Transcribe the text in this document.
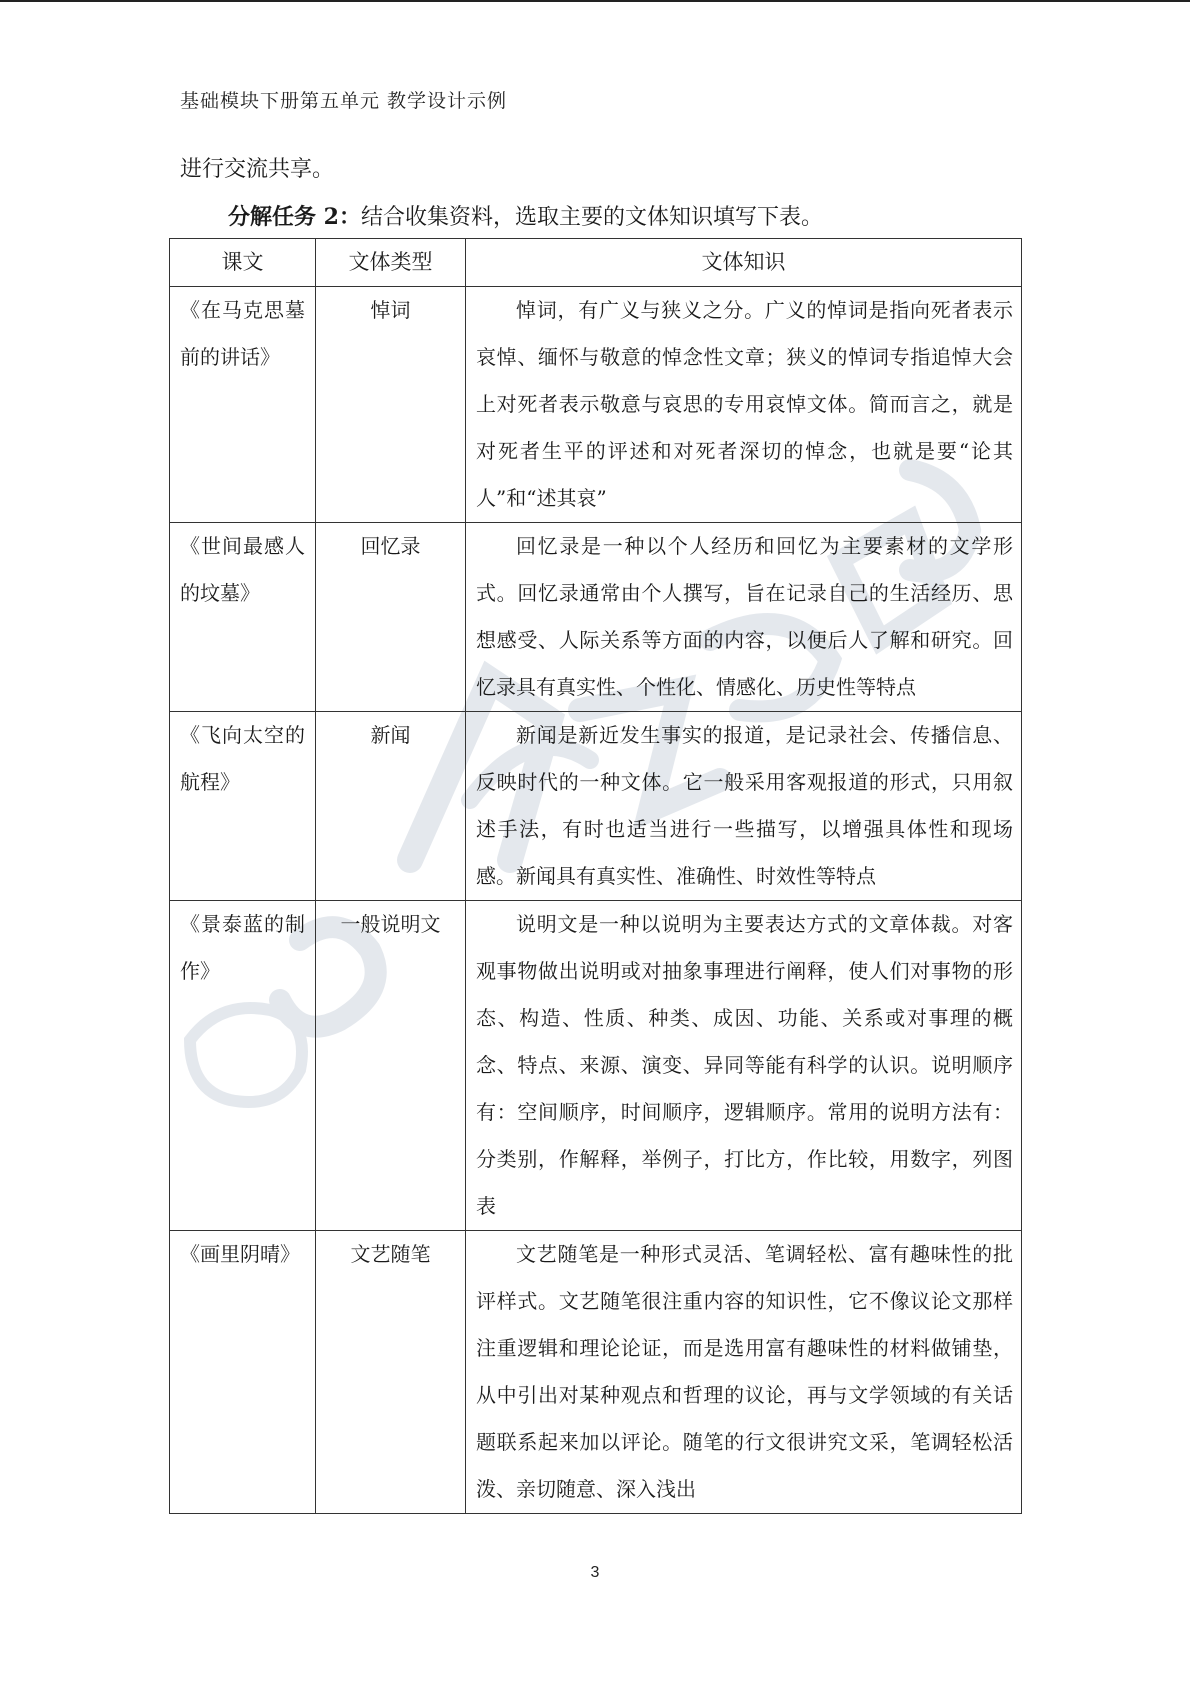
基础模块下册第五单元 教学设计示例
进行交流共享。
分解任务 2：结合收集资料，选取主要的文体知识填写下表。
课文	文体类型	文体知识
《在马克思墓前的讲话》	悼词	悼词，有广义与狭义之分。广义的悼词是指向死者表示哀悼、缅怀与敬意的悼念性文章；狭义的悼词专指追悼大会上对死者表示敬意与哀思的专用哀悼文体。简而言之，就是对死者生平的评述和对死者深切的悼念，也就是要“论其人”和“述其哀”
《世间最感人的坟墓》	回忆录	回忆录是一种以个人经历和回忆为主要素材的文学形式。回忆录通常由个人撰写，旨在记录自己的生活经历、思想感受、人际关系等方面的内容，以便后人了解和研究。回忆录具有真实性、个性化、情感化、历史性等特点
《飞向太空的航程》	新闻	新闻是新近发生事实的报道，是记录社会、传播信息、反映时代的一种文体。它一般采用客观报道的形式，只用叙述手法，有时也适当进行一些描写，以增强具体性和现场感。新闻具有真实性、准确性、时效性等特点
《景泰蓝的制作》	一般说明文	说明文是一种以说明为主要表达方式的文章体裁。对客观事物做出说明或对抽象事理进行阐释，使人们对事物的形态、构造、性质、种类、成因、功能、关系或对事理的概念、特点、来源、演变、异同等能有科学的认识。说明顺序有：空间顺序，时间顺序，逻辑顺序。常用的说明方法有：分类别，作解释，举例子，打比方，作比较，用数字，列图表
《画里阴晴》	文艺随笔	文艺随笔是一种形式灵活、笔调轻松、富有趣味性的批评样式。文艺随笔很注重内容的知识性，它不像议论文那样注重逻辑和理论论证，而是选用富有趣味性的材料做铺垫，从中引出对某种观点和哲理的议论，再与文学领域的有关话题联系起来加以评论。随笔的行文很讲究文采，笔调轻松活泼、亲切随意、深入浅出
3
